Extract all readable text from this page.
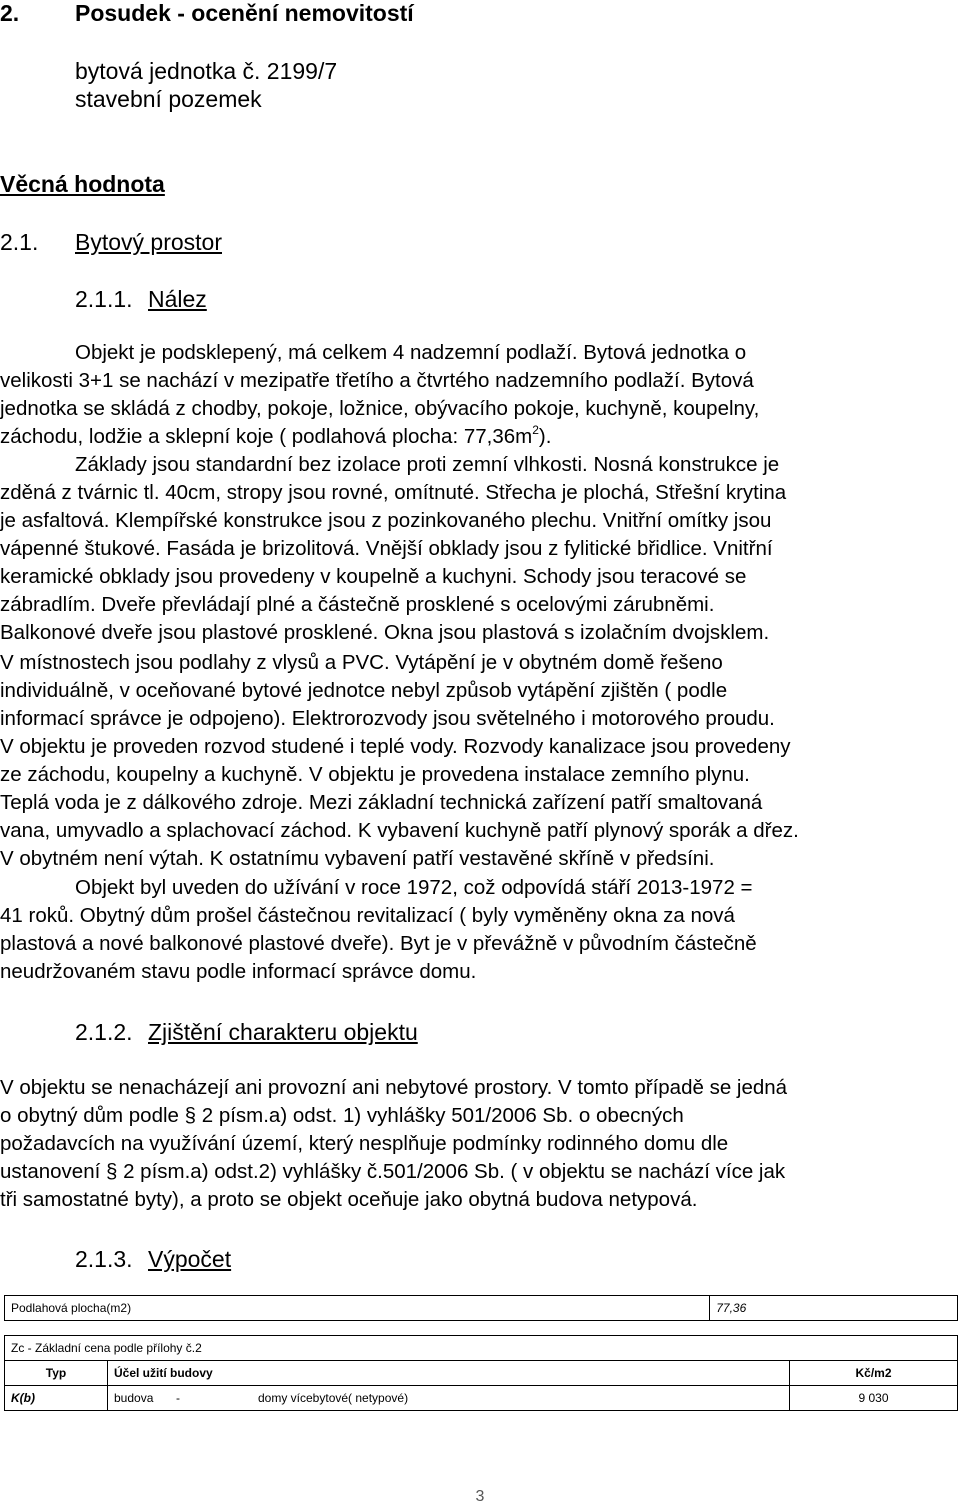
2. Posudek - ocenění nemovitostí
bytová jednotka č. 2199/7
stavební pozemek
Věcná hodnota
2.1. Bytový prostor
2.1.1. Nález
Objekt je podsklepený, má celkem 4 nadzemní podlaží. Bytová jednotka o
velikosti 3+1 se nachází v mezipatře třetího a čtvrtého nadzemního podlaží. Bytová
jednotka se skládá z chodby, pokoje, ložnice, obývacího pokoje, kuchyně, koupelny,
záchodu, lodžie a sklepní koje ( podlahová plocha: $77,36m^2$).
Základy jsou standardní bez izolace proti zemní vlhkosti. Nosná konstrukce je
zděná z tvárnic tl. 40cm, stropy jsou rovné, omítnuté. Střecha je plochá, Střešní krytina
je asfaltová. Klempířské konstrukce jsou z pozinkovaného plechu. Vnitřní omítky jsou
vápenné štukové. Fasáda je brizolitová. Vnější obklady jsou z fylitické břidlice. Vnitřní
keramické obklady jsou provedeny v koupelně a kuchyni. Schody jsou teracové se
zábradlím. Dveře převládají plné a částečně prosklené s ocelovými zárubněmi.
Balkonové dveře jsou plastové prosklené. Okna jsou plastová s izolačním dvojsklem.
V místnostech jsou podlahy z vlysů a PVC. Vytápění je v obytném domě řešeno
individuálně, v oceňované bytové jednotce nebyl způsob vytápění zjištěn ( podle
informací správce je odpojeno). Elektrorozvody jsou světelného i motorového proudu.
V objektu je proveden rozvod studené i teplé vody. Rozvody kanalizace jsou provedeny
ze záchodu, koupelny a kuchyně. V objektu je provedena instalace zemního plynu.
Teplá voda je z dálkového zdroje. Mezi základní technická zařízení patří smaltovaná
vana, umyvadlo a splachovací záchod. K vybavení kuchyně patří plynový sporák a dřez.
V obytném není výtah. K ostatnímu vybavení patří vestavěné skříně v předsíni.
Objekt byl uveden do užívání v roce 1972, což odpovídá stáří 2013-1972 =
41 roků. Obytný dům prošel částečnou revitalizací ( byly vyměněny okna za nová
plastová a nové balkonové plastové dveře). Byt je v převážně v původním částečně
neudržovaném stavu podle informací správce domu.
2.1.2. Zjištění charakteru objektu
V objektu se nenacházejí ani provozní ani nebytové prostory. V tomto případě se jedná
o obytný dům podle § 2 písm.a) odst. 1) vyhlášky 501/2006 Sb. o obecných
požadavcích na využívání území, který nesplňuje podmínky rodinného domu dle
ustanovení § 2 písm.a) odst.2) vyhlášky č.501/2006 Sb. ( v objektu se nachází více jak
tři samostatné byty), a proto se objekt oceňuje jako obytná budova netypová.
2.1.3. Výpočet
Podlahová plocha(m2)	77,36
Zc - Základní cena podle přílohy č.2				
Typ	Účel užití budovy			Kč/m2
K(b)	budova	-	domy vícebytové( netypové)	9 030
3
